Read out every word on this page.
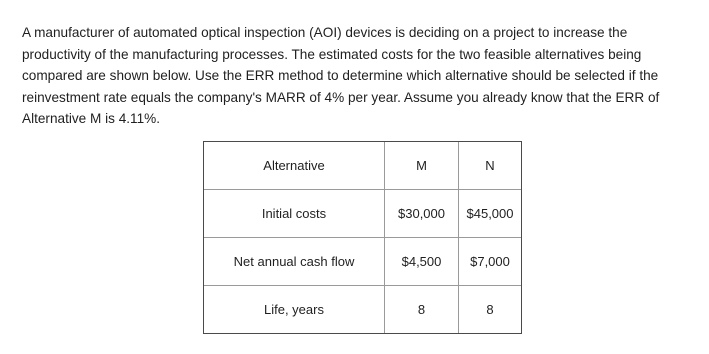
A manufacturer of automated optical inspection (AOI) devices is deciding on a project to increase the
productivity of the manufacturing processes. The estimated costs for the two feasible alternatives being
compared are shown below. Use the ERR method to determine which alternative should be selected if the
reinvestment rate equals the company's MARR of 4% per year. Assume you already know that the ERR of
Alternative M is 4.11%.

Alternative	M	N
Initial costs	$30,000	$45,000
Net annual cash flow	$4,500	$7,000
Life, years	8	8
